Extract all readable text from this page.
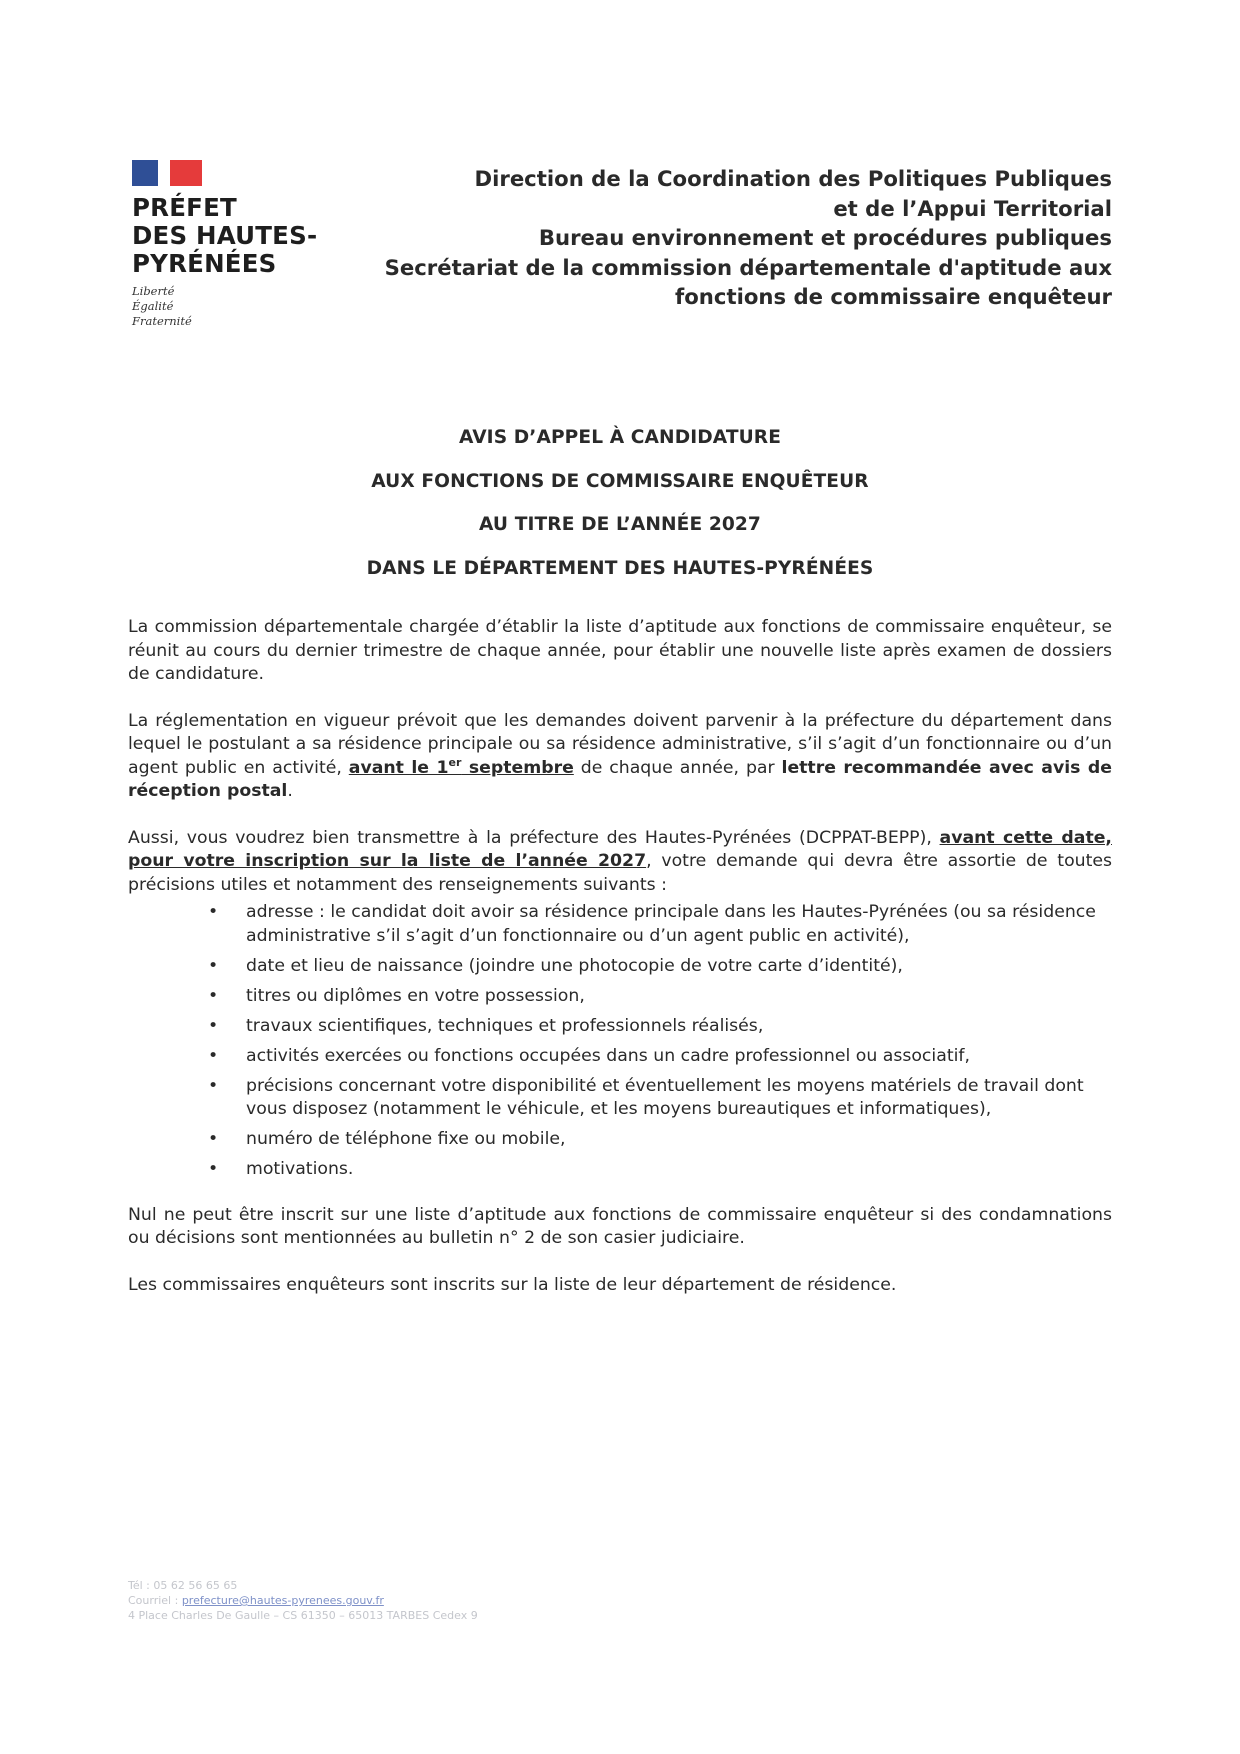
PRÉFET
DES HAUTES-
PYRÉNÉES
Liberté
Égalité
Fraternité
Direction de la Coordination des Politiques Publiques
et de l’Appui Territorial
Bureau environnement et procédures publiques
Secrétariat de la commission départementale d'aptitude aux
fonctions de commissaire enquêteur
AVIS D’APPEL À CANDIDATURE
AUX FONCTIONS DE COMMISSAIRE ENQUÊTEUR
AU TITRE DE L’ANNÉE 2027
DANS LE DÉPARTEMENT DES HAUTES-PYRÉNÉES

La commission départementale chargée d’établir la liste d’aptitude aux fonctions de commissaire enquêteur, se réunit au cours du dernier trimestre de chaque année, pour établir une nouvelle liste après examen de dossiers de candidature.

La réglementation en vigueur prévoit que les demandes doivent parvenir à la préfecture du département dans lequel le postulant a sa résidence principale ou sa résidence administrative, s’il s’agit d’un fonctionnaire ou d’un agent public en activité, avant le 1er septembre de chaque année, par lettre recommandée avec avis de réception postal.

Aussi, vous voudrez bien transmettre à la préfecture des Hautes-Pyrénées (DCPPAT-BEPP), avant cette date, pour votre inscription sur la liste de l’année 2027, votre demande qui devra être assortie de toutes précisions utiles et notamment des renseignements suivants :

• adresse : le candidat doit avoir sa résidence principale dans les Hautes-Pyrénées (ou sa résidence administrative s’il s’agit d’un fonctionnaire ou d’un agent public en activité),
• date et lieu de naissance (joindre une photocopie de votre carte d’identité),
• titres ou diplômes en votre possession,
• travaux scientifiques, techniques et professionnels réalisés,
• activités exercées ou fonctions occupées dans un cadre professionnel ou associatif,
• précisions concernant votre disponibilité et éventuellement les moyens matériels de travail dont vous disposez (notamment le véhicule, et les moyens bureautiques et informatiques),
• numéro de téléphone fixe ou mobile,
• motivations.

Nul ne peut être inscrit sur une liste d’aptitude aux fonctions de commissaire enquêteur si des condamnations ou décisions sont mentionnées au bulletin n° 2 de son casier judiciaire.

Les commissaires enquêteurs sont inscrits sur la liste de leur département de résidence.

Tél : 05 62 56 65 65
Courriel : prefecture@hautes-pyrenees.gouv.fr
4 Place Charles De Gaulle – CS 61350 – 65013 TARBES Cedex 9
